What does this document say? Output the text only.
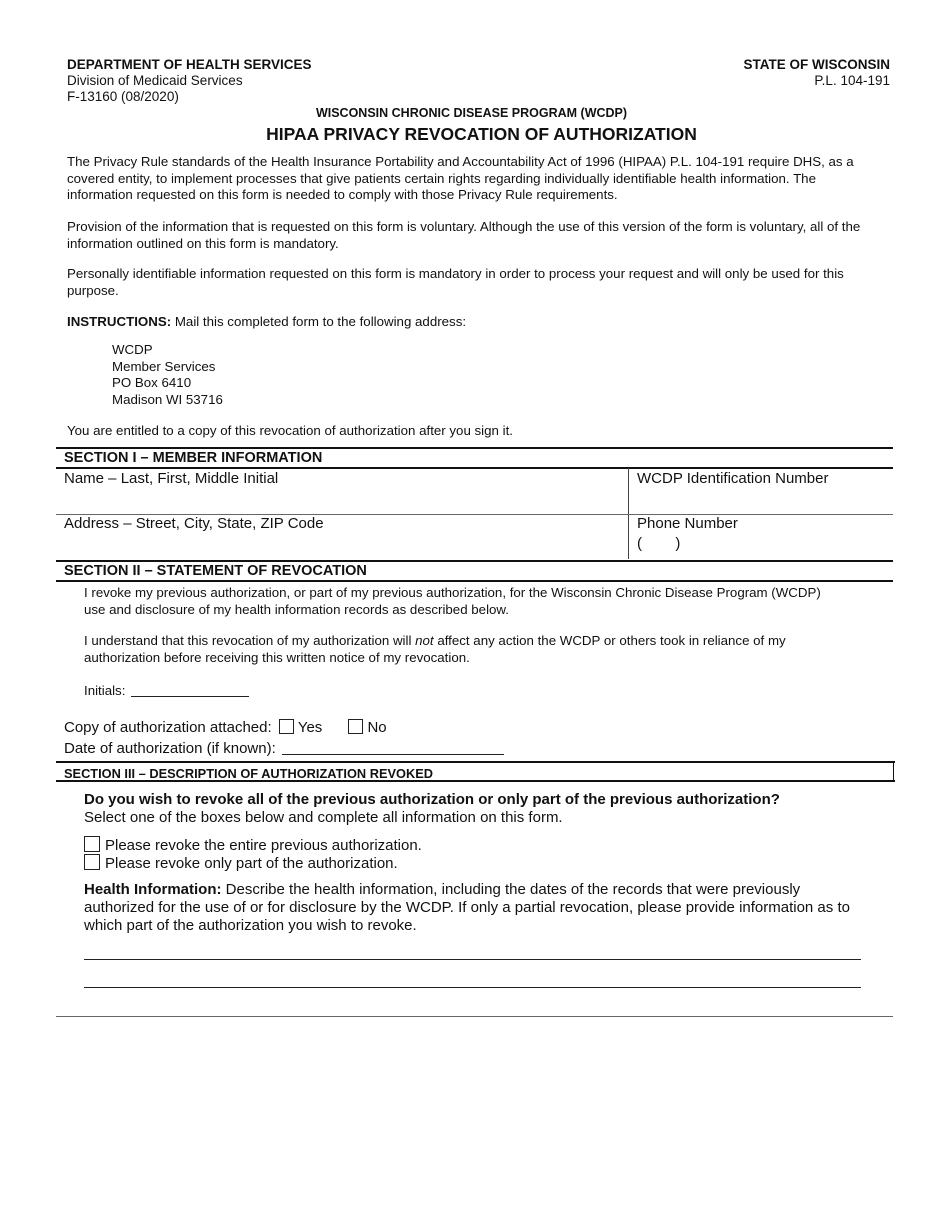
DEPARTMENT OF HEALTH SERVICES
Division of Medicaid Services
F-13160 (08/2020)
STATE OF WISCONSIN
P.L. 104-191
WISCONSIN CHRONIC DISEASE PROGRAM (WCDP)
HIPAA PRIVACY REVOCATION OF AUTHORIZATION
The Privacy Rule standards of the Health Insurance Portability and Accountability Act of 1996 (HIPAA) P.L. 104-191 require DHS, as a covered entity, to implement processes that give patients certain rights regarding individually identifiable health information. The information requested on this form is needed to comply with those Privacy Rule requirements.
Provision of the information that is requested on this form is voluntary. Although the use of this version of the form is voluntary, all of the information outlined on this form is mandatory.
Personally identifiable information requested on this form is mandatory in order to process your request and will only be used for this purpose.
INSTRUCTIONS: Mail this completed form to the following address:
WCDP
Member Services
PO Box 6410
Madison WI 53716
You are entitled to a copy of this revocation of authorization after you sign it.
SECTION I – MEMBER INFORMATION
Name – Last, First, Middle Initial	WCDP Identification Number
Address – Street, City, State, ZIP Code	Phone Number
(        )
SECTION II – STATEMENT OF REVOCATION
I revoke my previous authorization, or part of my previous authorization, for the Wisconsin Chronic Disease Program (WCDP) use and disclosure of my health information records as described below.
I understand that this revocation of my authorization will not affect any action the WCDP or others took in reliance of my authorization before receiving this written notice of my revocation.
Initials:
Copy of authorization attached: Yes	No
Date of authorization (if known):
SECTION III – DESCRIPTION OF AUTHORIZATION REVOKED
Do you wish to revoke all of the previous authorization or only part of the previous authorization?
Select one of the boxes below and complete all information on this form.
Please revoke the entire previous authorization.
Please revoke only part of the authorization.
Health Information: Describe the health information, including the dates of the records that were previously authorized for the use of or for disclosure by the WCDP. If only a partial revocation, please provide information as to which part of the authorization you wish to revoke.
